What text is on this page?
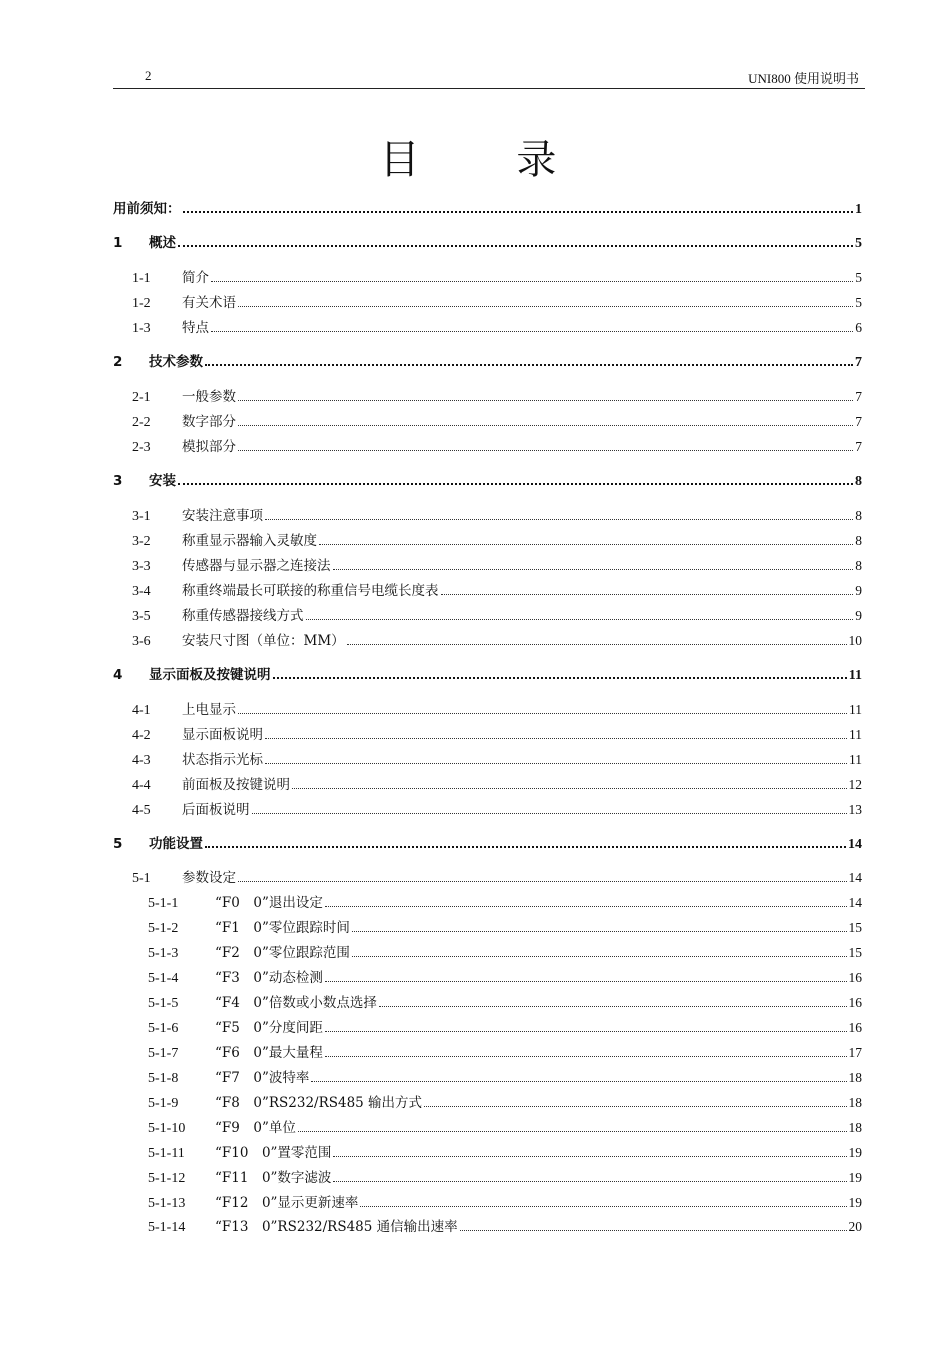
2	UNI800 使用说明书
目 录
用前须知：	1
1	概述	5
1-1	简介	5
1-2	有关术语	5
1-3	特点	6
2	技术参数	7
2-1	一般参数	7
2-2	数字部分	7
2-3	模拟部分	7
3	安装	8
3-1	安装注意事项	8
3-2	称重显示器输入灵敏度	8
3-3	传感器与显示器之连接法	8
3-4	称重终端最长可联接的称重信号电缆长度表	9
3-5	称重传感器接线方式	9
3-6	安装尺寸图（单位：MM）	10
4	显示面板及按键说明	11
4-1	上电显示	11
4-2	显示面板说明	11
4-3	状态指示光标	11
4-4	前面板及按键说明	12
4-5	后面板说明	13
5	功能设置	14
5-1	参数设定	14
5-1-1	“F0　0”退出设定	14
5-1-2	“F1　0”零位跟踪时间	15
5-1-3	“F2　0”零位跟踪范围	15
5-1-4	“F3　0”动态检测	16
5-1-5	“F4　0”倍数或小数点选择	16
5-1-6	“F5　0”分度间距	16
5-1-7	“F6　0”最大量程	17
5-1-8	“F7　0”波特率	18
5-1-9	“F8　0”RS232/RS485 输出方式	18
5-1-10	“F9　0”单位	18
5-1-11	“F10　0”置零范围	19
5-1-12	“F11　0”数字滤波	19
5-1-13	“F12　0”显示更新速率	19
5-1-14	“F13　0”RS232/RS485 通信输出速率	20
